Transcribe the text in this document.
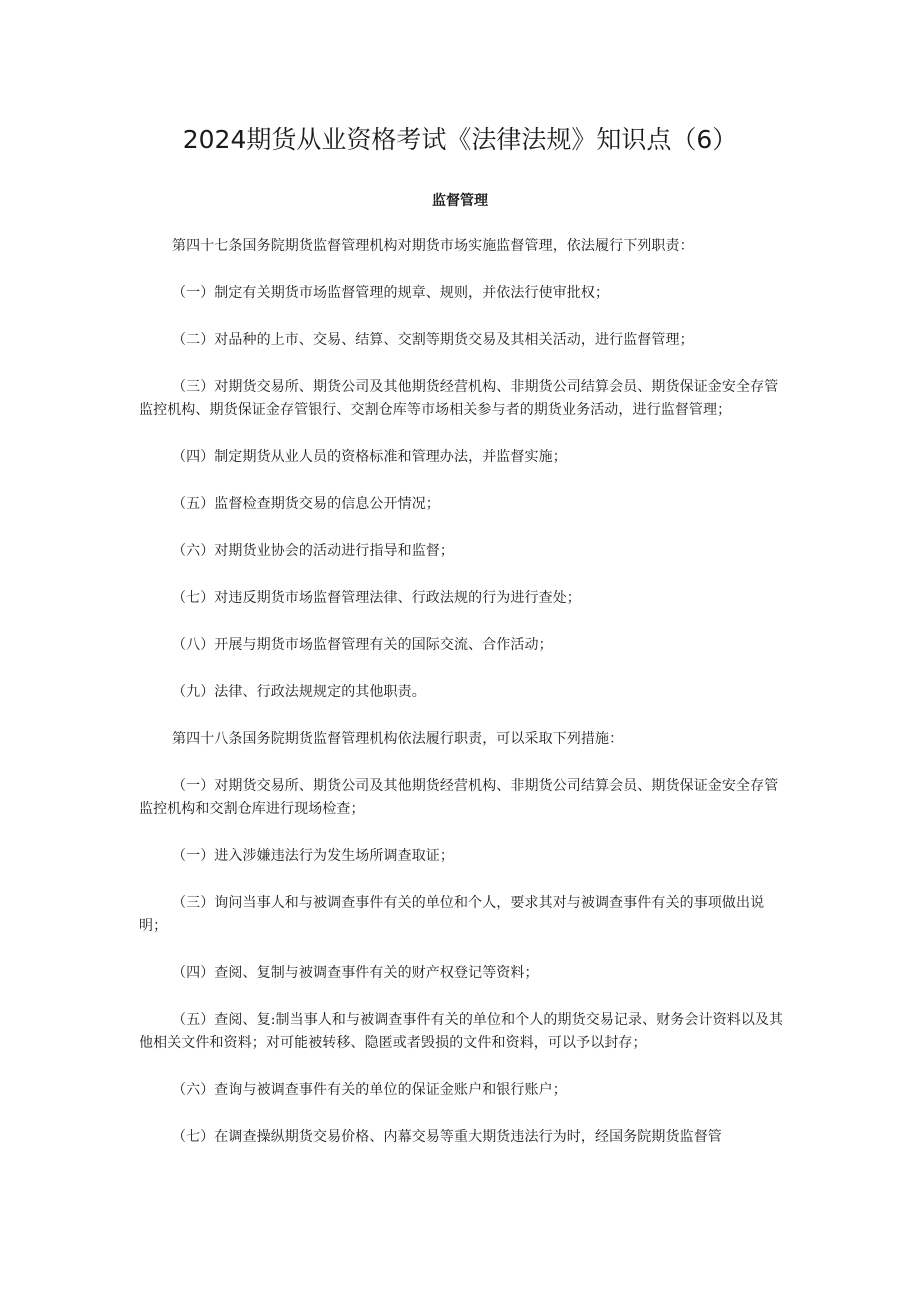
2024期货从业资格考试《法律法规》知识点（6）
监督管理

第四十七条国务院期货监督管理机构对期货市场实施监督管理，依法履行下列职责：

（一）制定有关期货市场监督管理的规章、规则，并依法行使审批权；

（二）对品种的上市、交易、结算、交割等期货交易及其相关活动，进行监督管理；

（三）对期货交易所、期货公司及其他期货经营机构、非期货公司结算会员、期货保证金安全存管监控机构、期货保证金存管银行、交割仓库等市场相关参与者的期货业务活动，进行监督管理；

（四）制定期货从业人员的资格标准和管理办法，并监督实施；

（五）监督检查期货交易的信息公开情况；

（六）对期货业协会的活动进行指导和监督；

（七）对违反期货市场监督管理法律、行政法规的行为进行查处；

（八）开展与期货市场监督管理有关的国际交流、合作活动；

（九）法律、行政法规规定的其他职责。

第四十八条国务院期货监督管理机构依法履行职责，可以采取下列措施：

（一）对期货交易所、期货公司及其他期货经营机构、非期货公司结算会员、期货保证金安全存管监控机构和交割仓库进行现场检查；

（一）进入涉嫌违法行为发生场所调查取证；

（三）询问当事人和与被调查事件有关的单位和个人，要求其对与被调查事件有关的事项做出说明；

（四）查阅、复制与被调查事件有关的财产权登记等资料；

（五）查阅、复:制当事人和与被调查事件有关的单位和个人的期货交易记录、财务会计资料以及其他相关文件和资料；对可能被转移、隐匿或者毁损的文件和资料，可以予以封存；

（六）查询与被调查事件有关的单位的保证金账户和银行账户；

（七）在调查操纵期货交易价格、内幕交易等重大期货违法行为时，经国务院期货监督管
